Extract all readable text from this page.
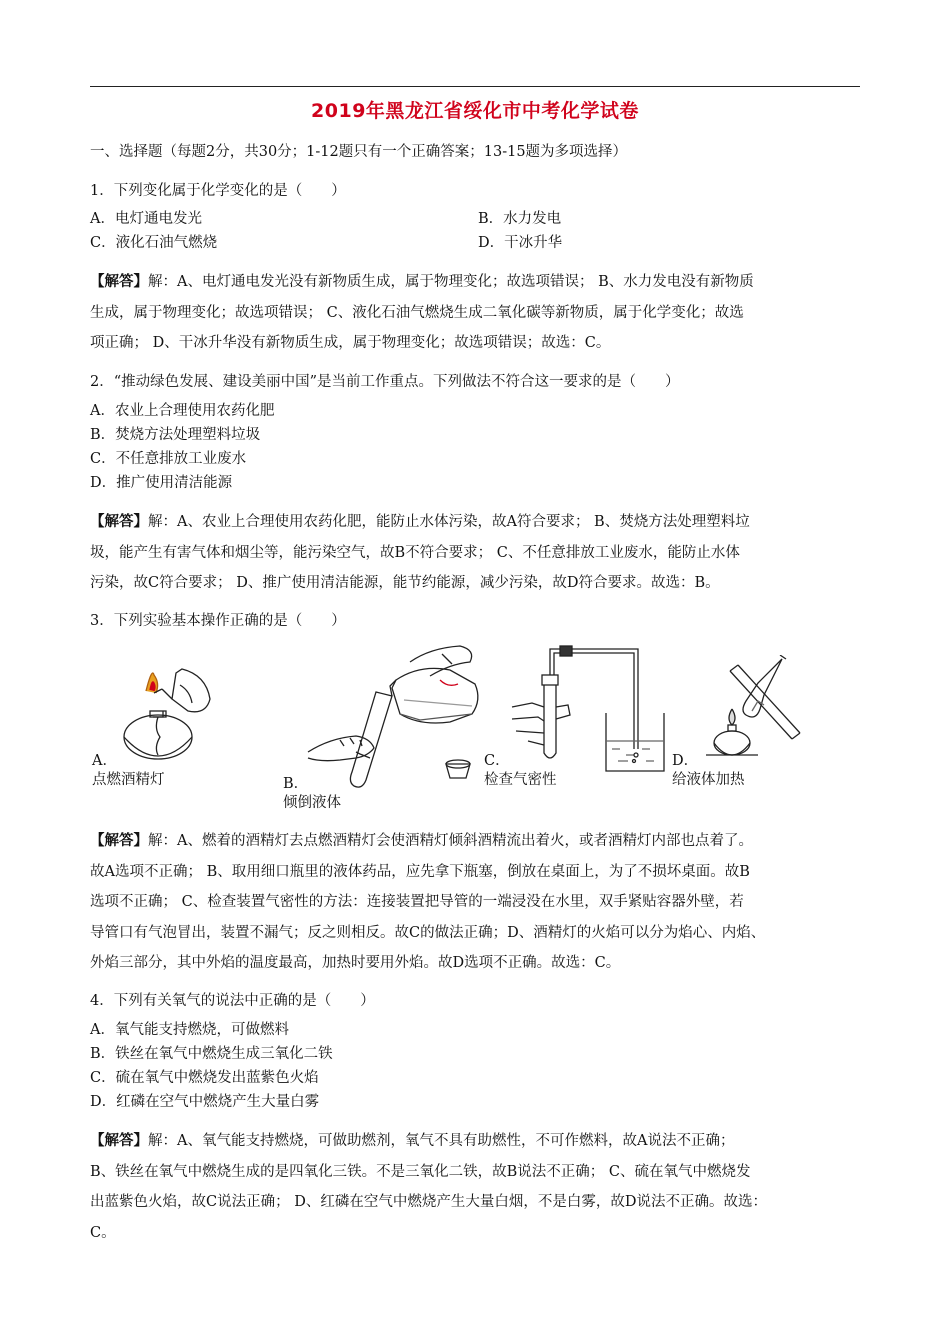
2019年黑龙江省绥化市中考化学试卷
一、选择题（每题2分，共30分；1-12题只有一个正确答案；13-15题为多项选择）
1．下列变化属于化学变化的是（　　）
A．电灯通电发光	B．水力发电
C．液化石油气燃烧	D．干冰升华
【解答】解：A、电灯通电发光没有新物质生成，属于物理变化；故选项错误； B、水力发电没有新物质
生成，属于物理变化；故选项错误； C、液化石油气燃烧生成二氧化碳等新物质，属于化学变化；故选
项正确； D、干冰升华没有新物质生成，属于物理变化；故选项错误；故选：C。
2．“推动绿色发展、建设美丽中国”是当前工作重点。下列做法不符合这一要求的是（　　）
A．农业上合理使用农药化肥
B．焚烧方法处理塑料垃圾
C．不任意排放工业废水
D．推广使用清洁能源
【解答】解：A、农业上合理使用农药化肥，能防止水体污染，故A符合要求； B、焚烧方法处理塑料垃
圾，能产生有害气体和烟尘等，能污染空气，故B不符合要求； C、不任意排放工业废水，能防止水体
污染，故C符合要求； D、推广使用清洁能源，能节约能源，减少污染，故D符合要求。故选：B。
3．下列实验基本操作正确的是（　　）
A．
点燃酒精灯	B．
倾倒液体
C．
检查气密性
D．
给液体加热
【解答】解：A、燃着的酒精灯去点燃酒精灯会使酒精灯倾斜酒精流出着火，或者酒精灯内部也点着了。
故A选项不正确； B、取用细口瓶里的液体药品，应先拿下瓶塞，倒放在桌面上，为了不损坏桌面。故B
选项不正确； C、检查装置气密性的方法：连接装置把导管的一端浸没在水里，双手紧贴容器外壁，若
导管口有气泡冒出，装置不漏气；反之则相反。故C的做法正确；D、酒精灯的火焰可以分为焰心、内焰、
外焰三部分，其中外焰的温度最高，加热时要用外焰。故D选项不正确。故选：C。
4．下列有关氧气的说法中正确的是（　　）
A．氧气能支持燃烧，可做燃料
B．铁丝在氧气中燃烧生成三氧化二铁
C．硫在氧气中燃烧发出蓝紫色火焰
D．红磷在空气中燃烧产生大量白雾
【解答】解：A、氧气能支持燃烧，可做助燃剂，氧气不具有助燃性，不可作燃料，故A说法不正确；
B、铁丝在氧气中燃烧生成的是四氧化三铁。不是三氧化二铁，故B说法不正确； C、硫在氧气中燃烧发
出蓝紫色火焰，故C说法正确； D、红磷在空气中燃烧产生大量白烟，不是白雾，故D说法不正确。故选：
C。
